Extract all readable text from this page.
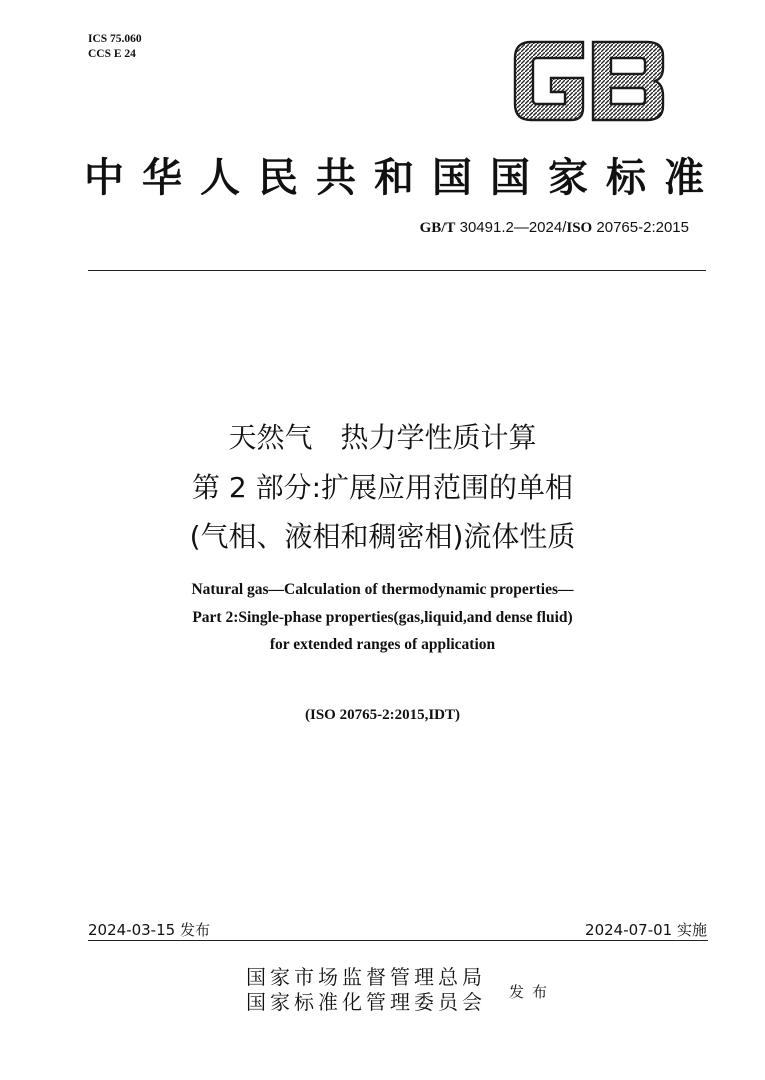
ICS 75.060
CCS E 24
中华人民共和国国家标准
GB/T 30491.2—2024/ISO 20765-2:2015
天然气　热力学性质计算
第 2 部分:扩展应用范围的单相
(气相、液相和稠密相)流体性质
Natural gas—Calculation of thermodynamic properties—
Part 2:Single-phase properties(gas,liquid,and dense fluid)
for extended ranges of application
(ISO 20765-2:2015,IDT)
2024-03-15 发布	2024-07-01 实施
国家市场监督管理总局
国家标准化管理委员会 发布
